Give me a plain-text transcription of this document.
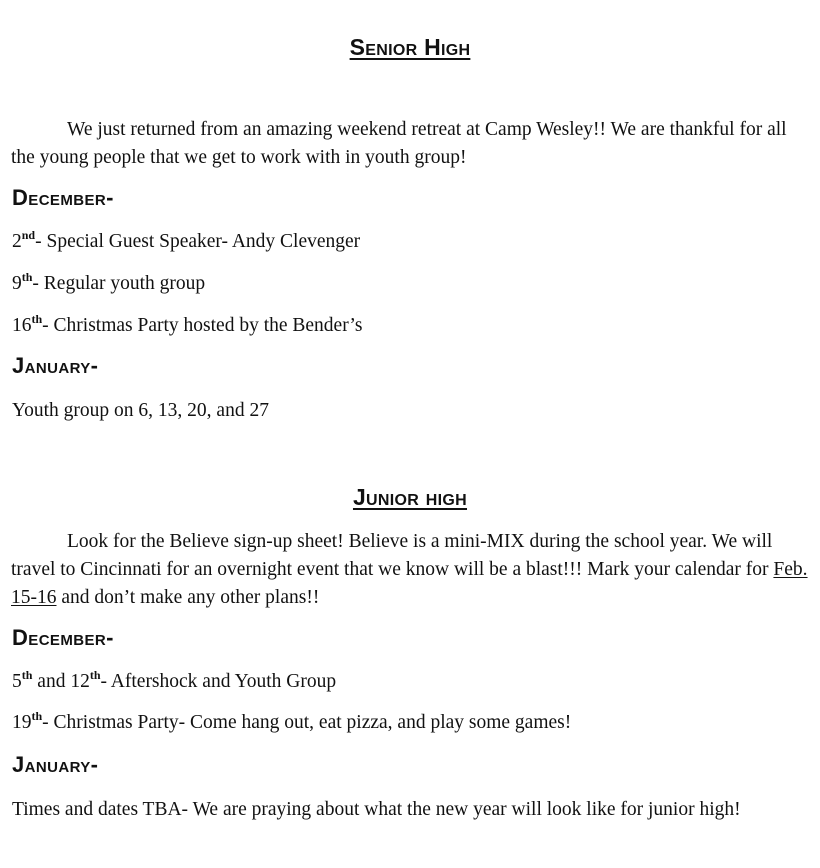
Senior High

We just returned from an amazing weekend retreat at Camp Wesley!! We are thankful for all the young people that we get to work with in youth group!

December-

2nd- Special Guest Speaker- Andy Clevenger

9th- Regular youth group

16th- Christmas Party hosted by the Bender’s

January-

Youth group on 6, 13, 20, and 27

Junior high

Look for the Believe sign-up sheet! Believe is a mini-MIX during the school year. We will travel to Cincinnati for an overnight event that we know will be a blast!!! Mark your calendar for Feb. 15-16 and don’t make any other plans!!

December-

5th and 12th- Aftershock and Youth Group

19th- Christmas Party- Come hang out, eat pizza, and play some games!

January-

Times and dates TBA- We are praying about what the new year will look like for junior high!
